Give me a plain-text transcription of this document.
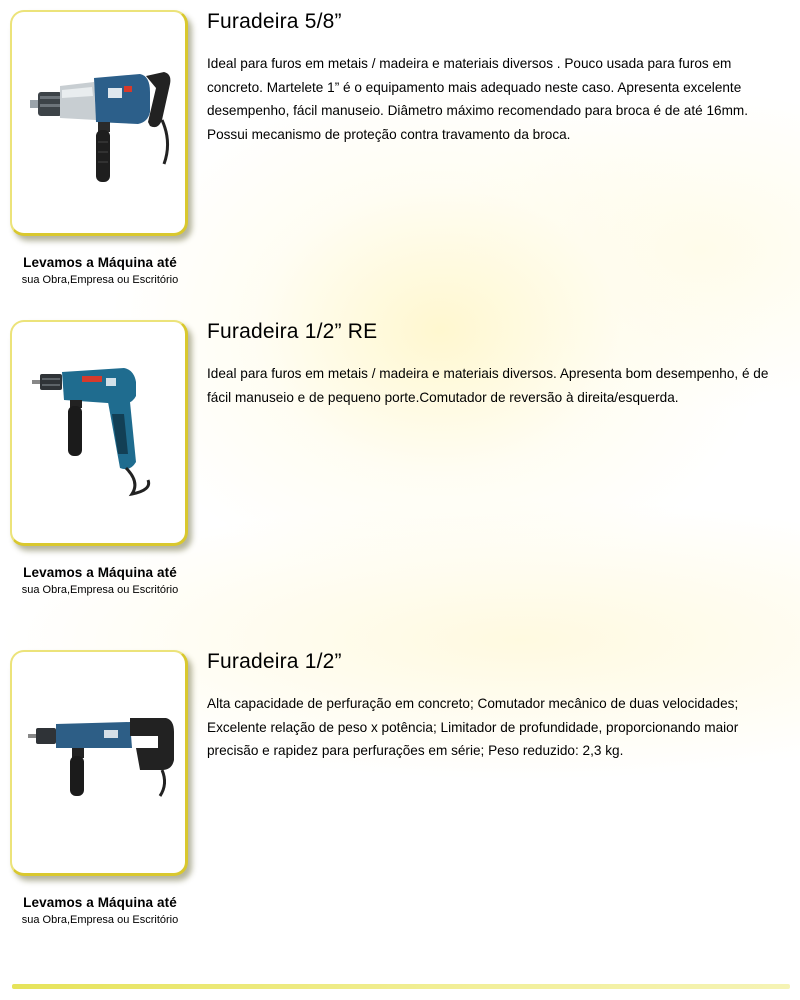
Levamos a Máquina até
sua Obra,Empresa ou Escritório
Furadeira 5/8”

Ideal para furos em metais / madeira e materiais diversos . Pouco usada para furos em concreto. Martelete 1” é o equipamento mais adequado neste caso. Apresenta excelente desempenho, fácil manuseio. Diâmetro máximo recomendado para broca é de até 16mm. Possui mecanismo de proteção contra travamento da broca.

Levamos a Máquina até
sua Obra,Empresa ou Escritório
Furadeira 1/2” RE

Ideal para furos em metais / madeira e materiais diversos. Apresenta bom desempenho, é de fácil manuseio e de pequeno porte.Comutador de reversão à direita/esquerda.

Levamos a Máquina até
sua Obra,Empresa ou Escritório
Furadeira 1/2”

Alta capacidade de perfuração em concreto; Comutador mecânico de duas velocidades; Excelente relação de peso x potência; Limitador de profundidade, proporcionando maior precisão e rapidez para perfurações em série; Peso reduzido: 2,3 kg.
